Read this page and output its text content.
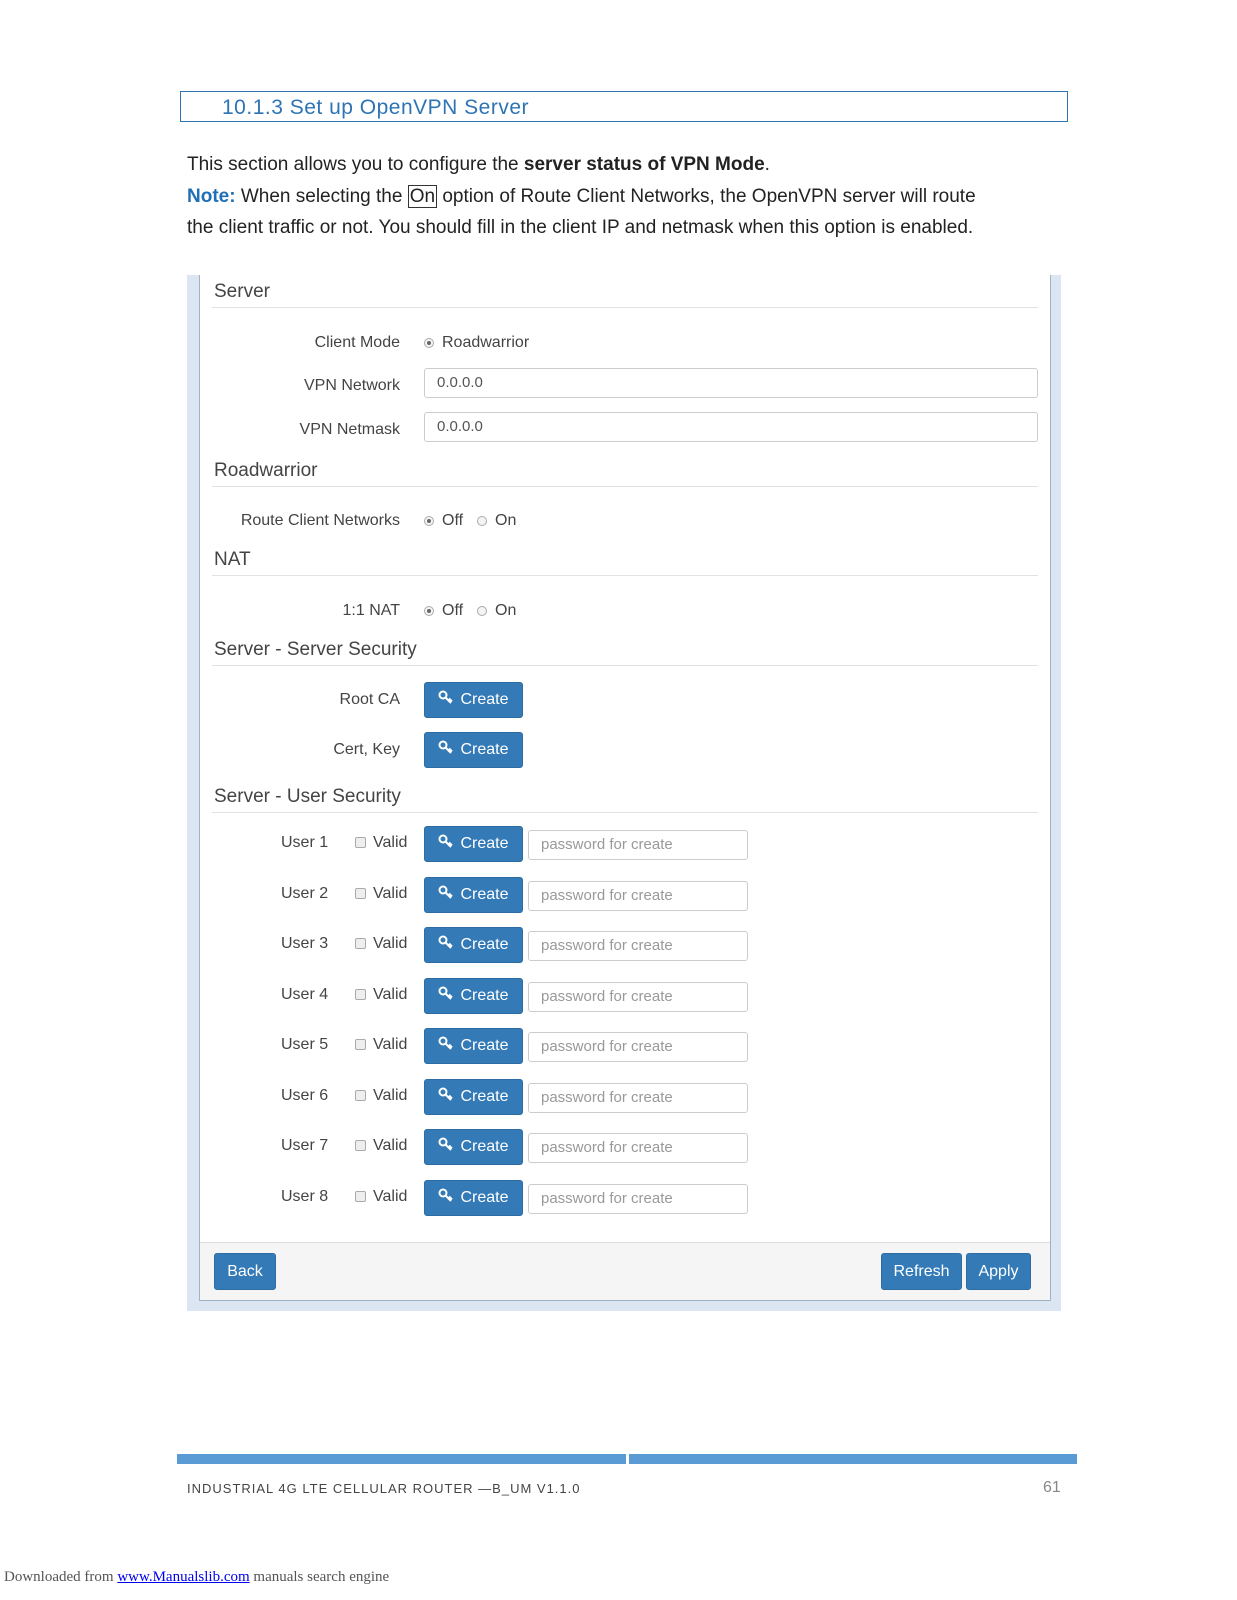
10.1.3 Set up OpenVPN Server
This section allows you to configure the server status of VPN Mode.
Note: When selecting the On option of Route Client Networks, the OpenVPN server will route
the client traffic or not. You should fill in the client IP and netmask when this option is enabled.
Server
Client Mode	Roadwarrior
VPN Network	0.0.0.0
VPN Netmask	0.0.0.0
Roadwarrior
Route Client Networks	Off On
NAT
1:1 NAT	Off On
Server - Server Security
Root CA	Create
Cert, Key	Create
Server - User Security
User 1	Valid	Create	password for create
User 2	Valid	Create	password for create
User 3	Valid	Create	password for create
User 4	Valid	Create	password for create
User 5	Valid	Create	password for create
User 6	Valid	Create	password for create
User 7	Valid	Create	password for create
User 8	Valid	Create	password for create
Back	Refresh	Apply
INDUSTRIAL 4G LTE CELLULAR ROUTER —B_UM V1.1.0	61
Downloaded from www.Manualslib.com manuals search engine
